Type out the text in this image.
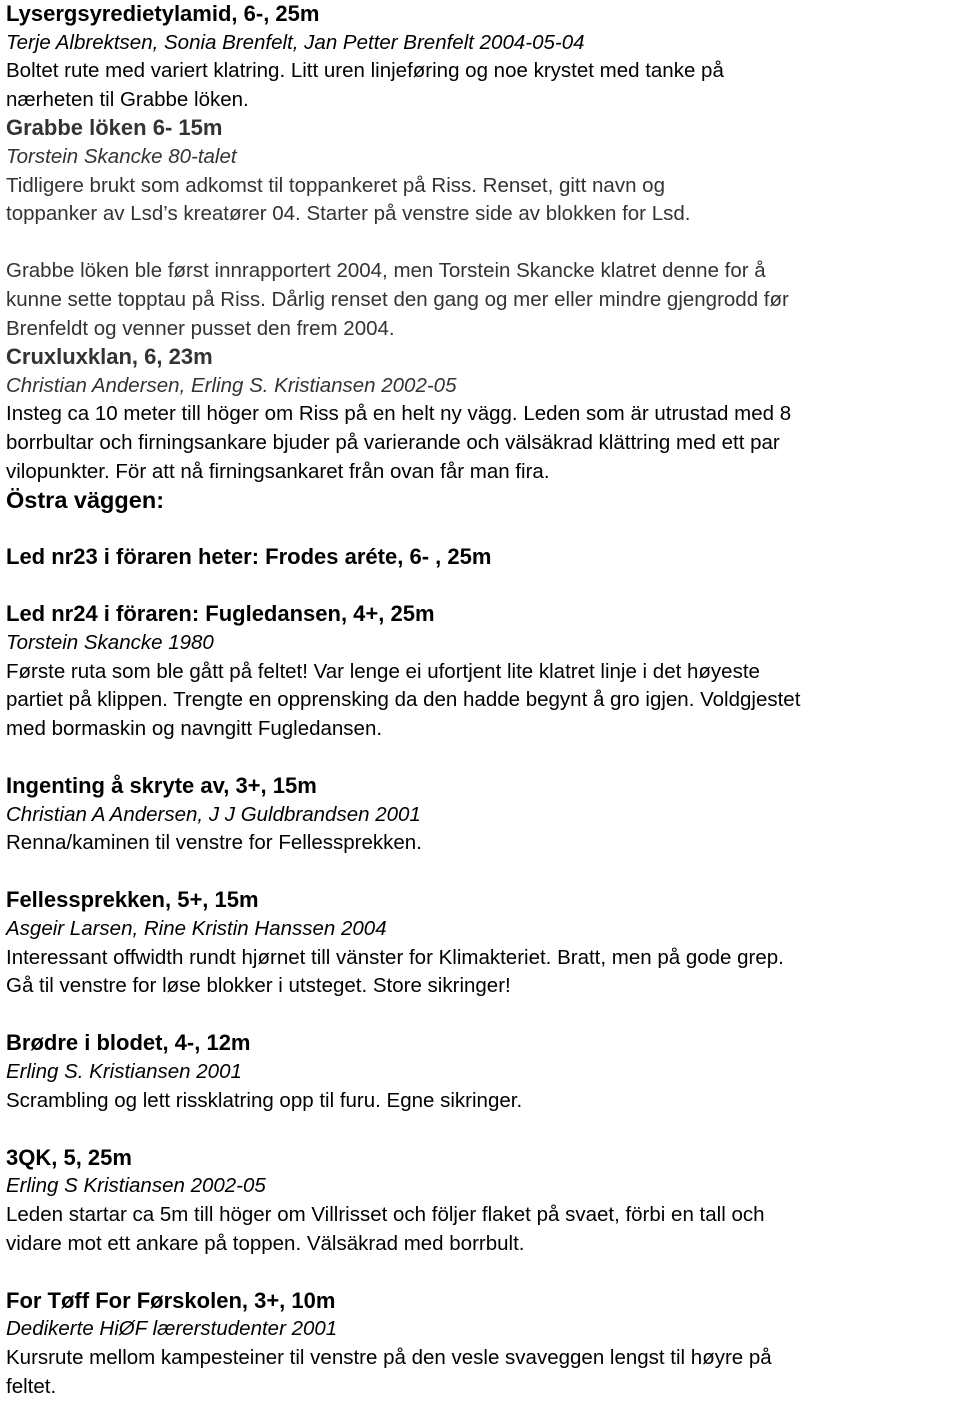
Lysergsyredietylamid, 6-, 25m
Terje Albrektsen, Sonia Brenfelt, Jan Petter Brenfelt 2004-05-04
Boltet rute med variert klatring. Litt uren linjeføring og noe krystet med tanke på
nærheten til Grabbe löken.
Grabbe löken 6- 15m
Torstein Skancke 80-talet
Tidligere brukt som adkomst til toppankeret på Riss. Renset, gitt navn og
toppanker av Lsd’s kreatører 04. Starter på venstre side av blokken for Lsd.
Grabbe löken ble først innrapportert 2004, men Torstein Skancke klatret denne for å
kunne sette topptau på Riss. Dårlig renset den gang og mer eller mindre gjengrodd før
Brenfeldt og venner pusset den frem 2004.
Cruxluxklan, 6, 23m
Christian Andersen, Erling S. Kristiansen 2002-05
Insteg ca 10 meter till höger om Riss på en helt ny vägg. Leden som är utrustad med 8
borrbultar och firningsankare bjuder på varierande och välsäkrad klättring med ett par
vilopunkter. För att nå firningsankaret från ovan får man fira.
Östra väggen:
Led nr23 i föraren heter: Frodes aréte, 6- , 25m
Led nr24 i föraren: Fugledansen, 4+, 25m
Torstein Skancke 1980
Første ruta som ble gått på feltet! Var lenge ei ufortjent lite klatret linje i det høyeste
partiet på klippen. Trengte en opprensking da den hadde begynt å gro igjen. Voldgjestet
med bormaskin og navngitt Fugledansen.
Ingenting å skryte av, 3+, 15m
Christian A Andersen, J J Guldbrandsen 2001
Renna/kaminen til venstre for Fellessprekken.
Fellessprekken, 5+, 15m
Asgeir Larsen, Rine Kristin Hanssen 2004
Interessant offwidth rundt hjørnet till vänster for Klimakteriet. Bratt, men på gode grep.
Gå til venstre for løse blokker i utsteget. Store sikringer!
Brødre i blodet, 4-, 12m
Erling S. Kristiansen 2001
Scrambling og lett rissklatring opp til furu. Egne sikringer.
3QK, 5, 25m
Erling S Kristiansen 2002-05
Leden startar ca 5m till höger om Villrisset och följer flaket på svaet, förbi en tall och
vidare mot ett ankare på toppen. Välsäkrad med borrbult.
For Tøff For Førskolen, 3+, 10m
Dedikerte HiØF lærerstudenter 2001
Kursrute mellom kampesteiner til venstre på den vesle svaveggen lengst til høyre på
feltet.
